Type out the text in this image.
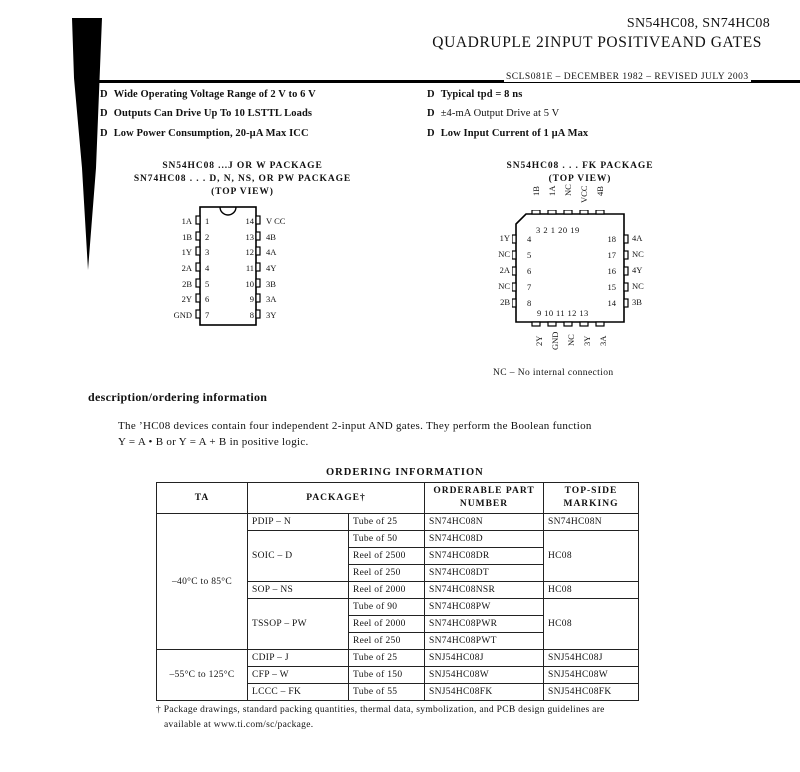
SN54HC08, SN74HC08
QUADRUPLE 2INPUT POSITIVEAND GATES
SCLS081E – DECEMBER 1982 – REVISED JULY 2003
D Wide Operating Voltage Range of 2 V to 6 V
D Outputs Can Drive Up To 10 LSTTL Loads
D Low Power Consumption, 20-µA Max ICC
D Typical tpd = 8 ns
D ±4-mA Output Drive at 5 V
D Low Input Current of 1 µA Max
SN54HC08 ...J OR W PACKAGE
SN74HC08 . . . D, N, NS, OR PW PACKAGE
(TOP VIEW)
1A 1
1B 2
1Y 3
2A 4
2B 5
2Y 6
GND 7
14 V CC
13 4B
12 4A
11 4Y
10 3B
9 3A
8 3Y
SN54HC08 . . . FK PACKAGE
(TOP VIEW)
1B 1A NC VCC 4B
3 2 1 20 19
1Y 4
NC 5
2A 6
NC 7
2B 8
18 4A
17 NC
16 4Y
15 NC
14 3B
9 10 11 12 13
2Y GND NC 3Y 3A
NC – No internal connection
description/ordering information
The ’HC08 devices contain four independent 2-input AND gates. They perform the Boolean function
Y = A • B or Y = A + B in positive logic.
ORDERING INFORMATION
TA	PACKAGE†		ORDERABLE PART NUMBER	TOP-SIDE MARKING
–40°C to 85°C	PDIP – N	Tube of 25	SN74HC08N	SN74HC08N
	SOIC – D	Tube of 50	SN74HC08D	HC08
		Reel of 2500	SN74HC08DR	
		Reel of 250	SN74HC08DT	
	SOP – NS	Reel of 2000	SN74HC08NSR	HC08
	TSSOP – PW	Tube of 90	SN74HC08PW	HC08
		Reel of 2000	SN74HC08PWR	
		Reel of 250	SN74HC08PWT	
–55°C to 125°C	CDIP – J	Tube of 25	SNJ54HC08J	SNJ54HC08J
	CFP – W	Tube of 150	SNJ54HC08W	SNJ54HC08W
	LCCC – FK	Tube of 55	SNJ54HC08FK	SNJ54HC08FK
† Package drawings, standard packing quantities, thermal data, symbolization, and PCB design guidelines are
available at www.ti.com/sc/package.
